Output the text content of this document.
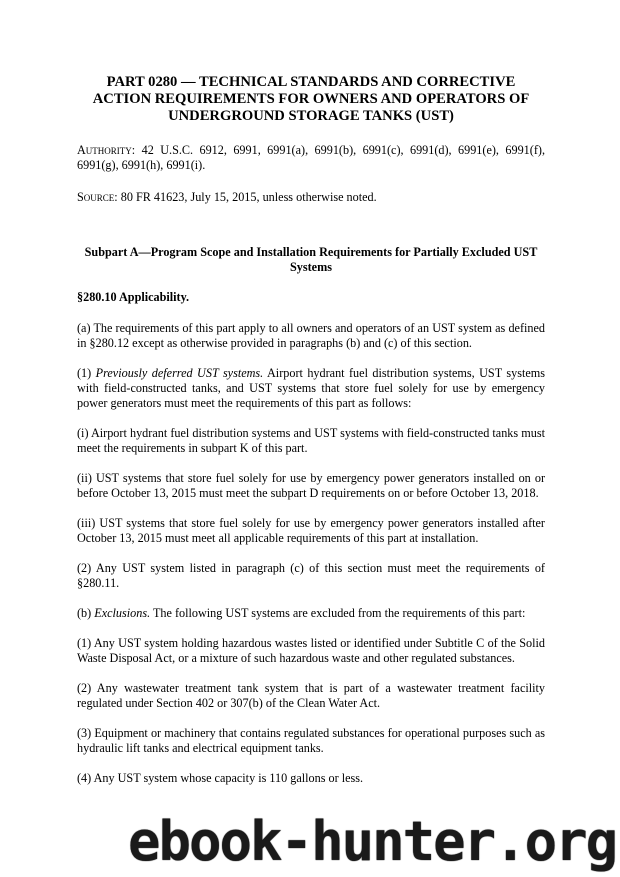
PART 0280 — TECHNICAL STANDARDS AND CORRECTIVE
ACTION REQUIREMENTS FOR OWNERS AND OPERATORS OF
UNDERGROUND STORAGE TANKS (UST)

Authority: 42 U.S.C. 6912, 6991, 6991(a), 6991(b), 6991(c), 6991(d), 6991(e), 6991(f), 6991(g), 6991(h), 6991(i).

Source: 80 FR 41623, July 15, 2015, unless otherwise noted.

Subpart A—Program Scope and Installation Requirements for Partially Excluded UST Systems
§280.10 Applicability.

(a) The requirements of this part apply to all owners and operators of an UST system as defined in §280.12 except as otherwise provided in paragraphs (b) and (c) of this section.

(1) Previously deferred UST systems. Airport hydrant fuel distribution systems, UST systems with field-constructed tanks, and UST systems that store fuel solely for use by emergency power generators must meet the requirements of this part as follows:

(i) Airport hydrant fuel distribution systems and UST systems with field-constructed tanks must meet the requirements in subpart K of this part.

(ii) UST systems that store fuel solely for use by emergency power generators installed on or before October 13, 2015 must meet the subpart D requirements on or before October 13, 2018.

(iii) UST systems that store fuel solely for use by emergency power generators installed after October 13, 2015 must meet all applicable requirements of this part at installation.

(2) Any UST system listed in paragraph (c) of this section must meet the requirements of §280.11.

(b) Exclusions. The following UST systems are excluded from the requirements of this part:

(1) Any UST system holding hazardous wastes listed or identified under Subtitle C of the Solid Waste Disposal Act, or a mixture of such hazardous waste and other regulated substances.

(2) Any wastewater treatment tank system that is part of a wastewater treatment facility regulated under Section 402 or 307(b) of the Clean Water Act.

(3) Equipment or machinery that contains regulated substances for operational purposes such as hydraulic lift tanks and electrical equipment tanks.

(4) Any UST system whose capacity is 110 gallons or less.

ebook-hunter.org
